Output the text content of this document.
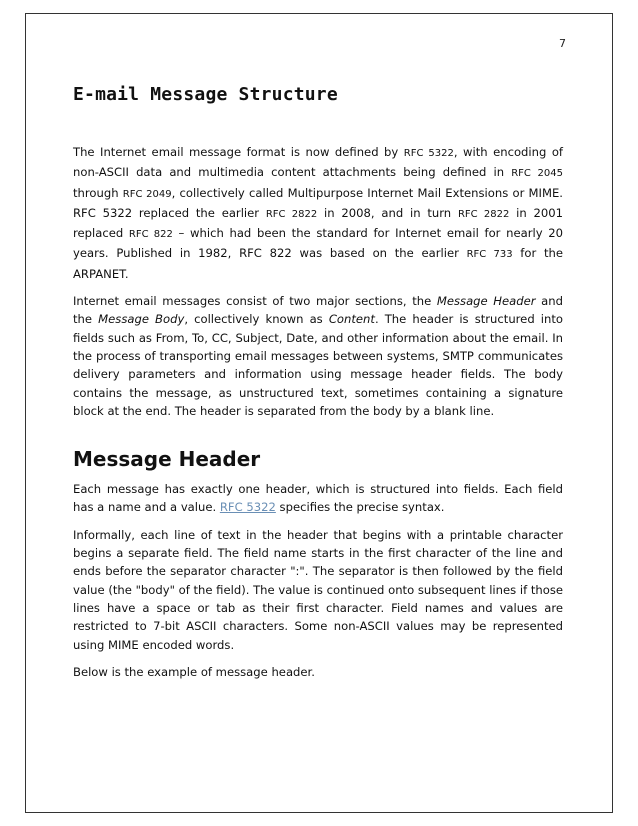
7
E-mail Message Structure

The Internet email message format is now defined by RFC 5322, with encoding of non-ASCII data and multimedia content attachments being defined in RFC 2045 through RFC 2049, collectively called Multipurpose Internet Mail Extensions or MIME. RFC 5322 replaced the earlier RFC 2822 in 2008, and in turn RFC 2822 in 2001 replaced RFC 822 – which had been the standard for Internet email for nearly 20 years. Published in 1982, RFC 822 was based on the earlier RFC 733 for the ARPANET.

Internet email messages consist of two major sections, the Message Header and the Message Body, collectively known as Content. The header is structured into fields such as From, To, CC, Subject, Date, and other information about the email. In the process of transporting email messages between systems, SMTP communicates delivery parameters and information using message header fields. The body contains the message, as unstructured text, sometimes containing a signature block at the end. The header is separated from the body by a blank line.

Message Header

Each message has exactly one header, which is structured into fields. Each field has a name and a value. RFC 5322 specifies the precise syntax.

Informally, each line of text in the header that begins with a printable character begins a separate field. The field name starts in the first character of the line and ends before the separator character ":". The separator is then followed by the field value (the "body" of the field). The value is continued onto subsequent lines if those lines have a space or tab as their first character. Field names and values are restricted to 7-bit ASCII characters. Some non-ASCII values may be represented using MIME encoded words.

Below is the example of message header.
